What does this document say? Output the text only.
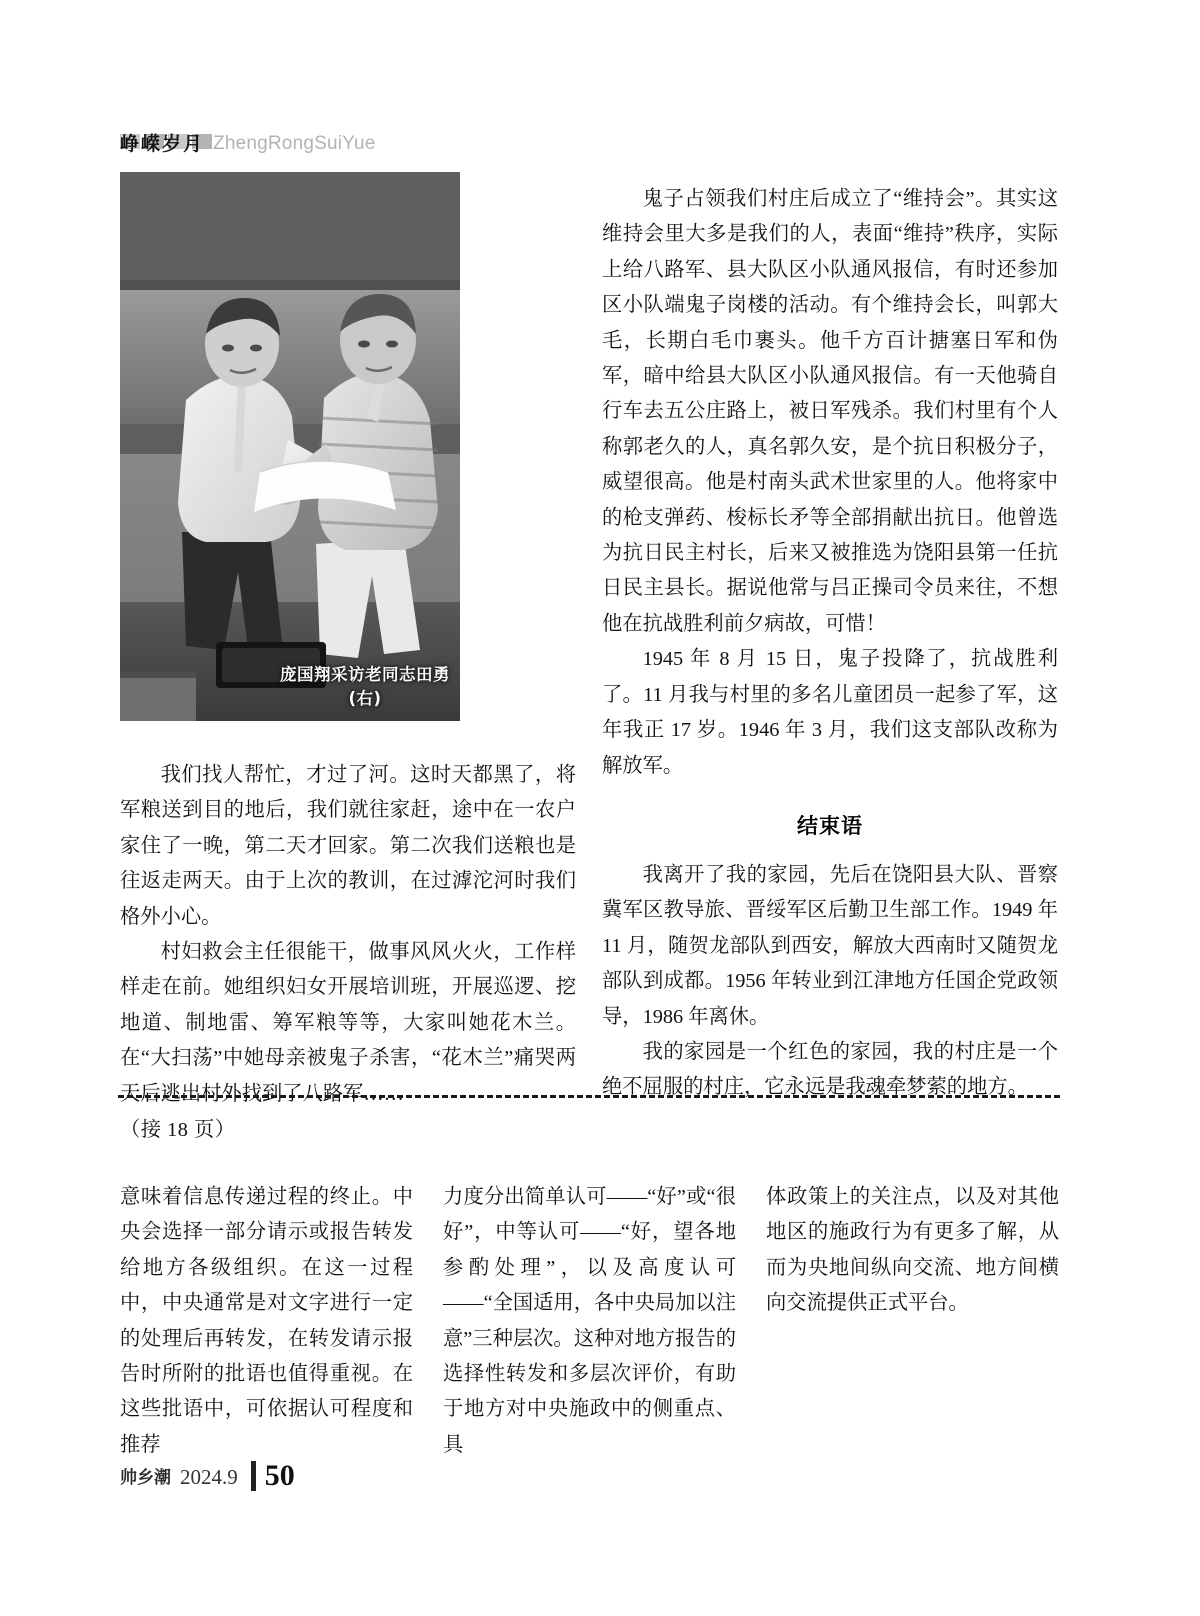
峥嵘岁月 ZhengRongSuiYue
庞国翔采访老同志田勇(右)

鬼子占领我们村庄后成立了“维持会”。其实这维持会里大多是我们的人，表面“维持”秩序，实际上给八路军、县大队区小队通风报信，有时还参加区小队端鬼子岗楼的活动。有个维持会长，叫郭大毛，长期白毛巾裹头。他千方百计搪塞日军和伪军，暗中给县大队区小队通风报信。有一天他骑自行车去五公庄路上，被日军残杀。我们村里有个人称郭老久的人，真名郭久安，是个抗日积极分子，威望很高。他是村南头武术世家里的人。他将家中的枪支弹药、梭标长矛等全部捐献出抗日。他曾选为抗日民主村长，后来又被推选为饶阳县第一任抗日民主县长。据说他常与吕正操司令员来往，不想他在抗战胜利前夕病故，可惜！

1945 年 8 月 15 日，鬼子投降了，抗战胜利了。11 月我与村里的多名儿童团员一起参了军，这年我正 17 岁。1946 年 3 月，我们这支部队改称为解放军。

结束语

我离开了我的家园，先后在饶阳县大队、晋察冀军区教导旅、晋绥军区后勤卫生部工作。1949 年 11 月，随贺龙部队到西安，解放大西南时又随贺龙部队到成都。1956 年转业到江津地方任国企党政领导，1986 年离休。

我的家园是一个红色的家园，我的村庄是一个绝不屈服的村庄，它永远是我魂牵梦萦的地方。

我们找人帮忙，才过了河。这时天都黑了，将军粮送到目的地后，我们就往家赶，途中在一农户家住了一晚，第二天才回家。第二次我们送粮也是往返走两天。由于上次的教训，在过滹沱河时我们格外小心。

村妇救会主任很能干，做事风风火火，工作样样走在前。她组织妇女开展培训班，开展巡逻、挖地道、制地雷、筹军粮等等，大家叫她花木兰。在“大扫荡”中她母亲被鬼子杀害，“花木兰”痛哭两天后逃出村外找到了八路军……

（接 18 页）

意味着信息传递过程的终止。中央会选择一部分请示或报告转发给地方各级组织。在这一过程中，中央通常是对文字进行一定的处理后再转发，在转发请示报告时所附的批语也值得重视。在这些批语中，可依据认可程度和推荐

力度分出简单认可——“好”或“很好”，中等认可——“好，望各地参酌处理”，以及高度认可——“全国适用，各中央局加以注意”三种层次。这种对地方报告的选择性转发和多层次评价，有助于地方对中央施政中的侧重点、具

体政策上的关注点，以及对其他地区的施政行为有更多了解，从而为央地间纵向交流、地方间横向交流提供正式平台。

帅乡潮 2024.9 50
